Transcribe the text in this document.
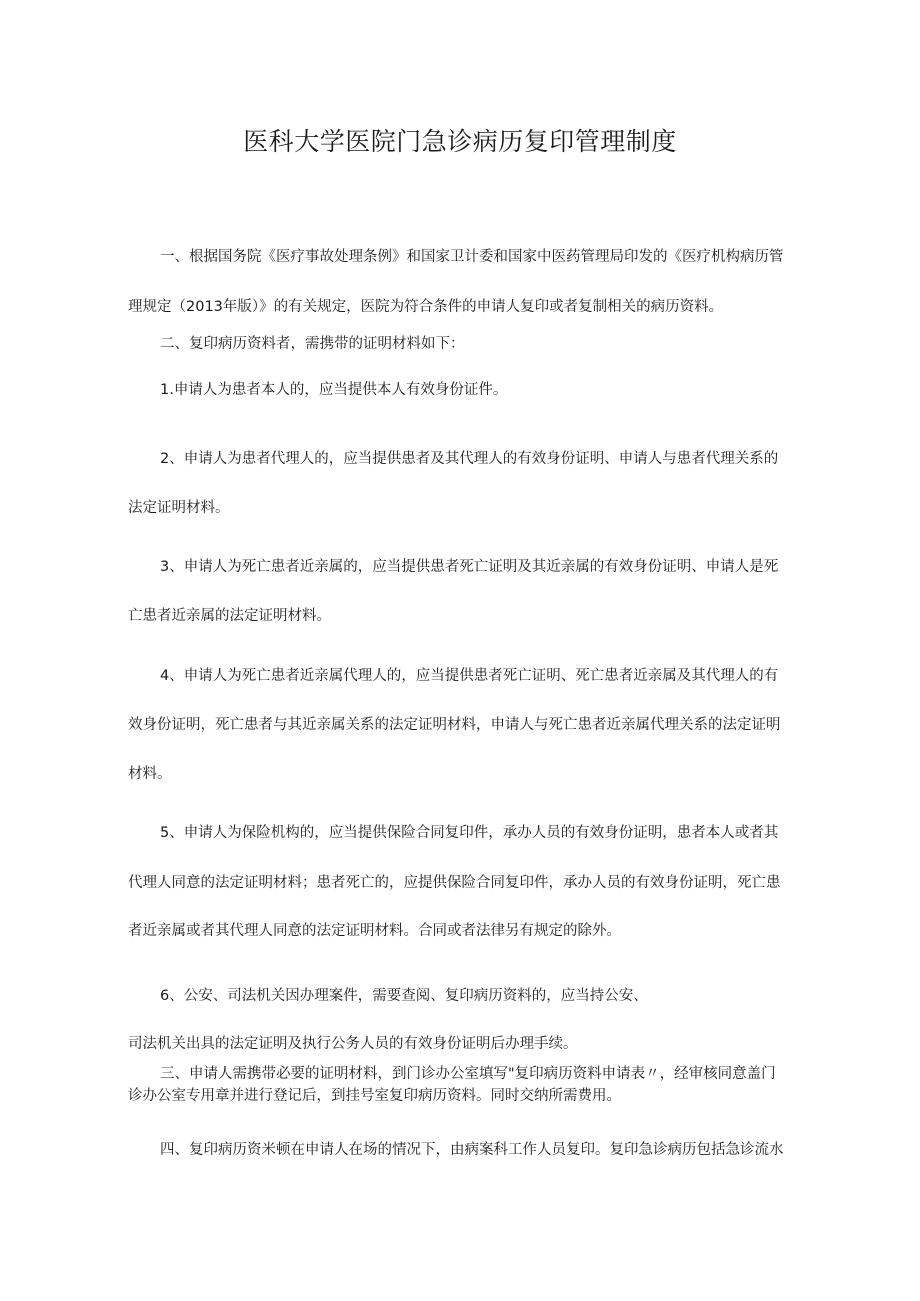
医科大学医院门急诊病历复印管理制度
一、根据国务院《医疗事故处理条例》和国家卫计委和国家中医药管理局印发的《医疗机构病历管
理规定（2013年版）》的有关规定，医院为符合条件的申请人复印或者复制相关的病历资料。
二、复印病历资料者，需携带的证明材料如下：
1.申请人为患者本人的，应当提供本人有效身份证件。
2、申请人为患者代理人的，应当提供患者及其代理人的有效身份证明、申请人与患者代理关系的
法定证明材料。
3、申请人为死亡患者近亲属的，应当提供患者死亡证明及其近亲属的有效身份证明、申请人是死
亡患者近亲属的法定证明材料。
4、申请人为死亡患者近亲属代理人的，应当提供患者死亡证明、死亡患者近亲属及其代理人的有
效身份证明，死亡患者与其近亲属关系的法定证明材料，申请人与死亡患者近亲属代理关系的法定证明
材料。
5、申请人为保险机构的，应当提供保险合同复印件，承办人员的有效身份证明，患者本人或者其
代理人同意的法定证明材料；患者死亡的，应提供保险合同复印件，承办人员的有效身份证明，死亡患
者近亲属或者其代理人同意的法定证明材料。合同或者法律另有规定的除外。
6、公安、司法机关因办理案件，需要查阅、复印病历资料的，应当持公安、
司法机关出具的法定证明及执行公务人员的有效身份证明后办理手续。
三、申请人需携带必要的证明材料，到门诊办公室填写"复印病历资料申请表〃，经审核同意盖门
诊办公室专用章并进行登记后，到挂号室复印病历资料。同时交纳所需费用。
四、复印病历资米顿在申请人在场的情况下，由病案科工作人员复印。复印急诊病历包括急诊流水
